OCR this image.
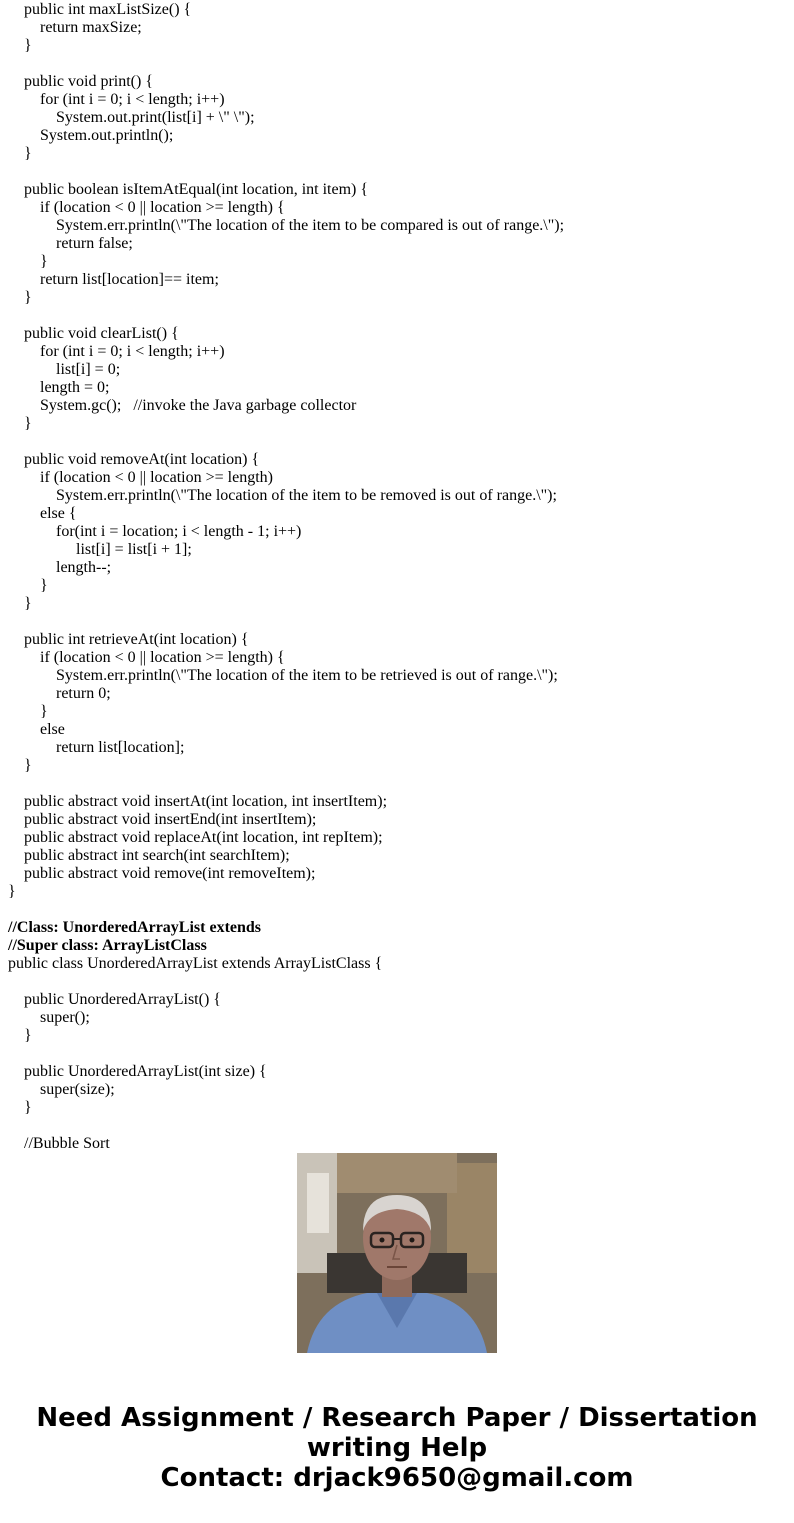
public int maxListSize() {
return maxSize;
}
public void print() {
for (int i = 0; i < length; i++)
System.out.print(list[i] + \" \");
System.out.println();
}
public boolean isItemAtEqual(int location, int item) {
if (location < 0 || location >= length) {
System.err.println(\"The location of the item to be compared is out of range.\");
return false;
}
return list[location]== item;
}
public void clearList() {
for (int i = 0; i < length; i++)
list[i] = 0;
length = 0;
System.gc();   //invoke the Java garbage collector
}
public void removeAt(int location) {
if (location < 0 || location >= length)
System.err.println(\"The location of the item to be removed is out of range.\");
else {
for(int i = location; i < length - 1; i++)
list[i] = list[i + 1];
length--;
}
}
public int retrieveAt(int location) {
if (location < 0 || location >= length) {
System.err.println(\"The location of the item to be retrieved is out of range.\");
return 0;
}
else
return list[location];
}
public abstract void insertAt(int location, int insertItem);
public abstract void insertEnd(int insertItem);
public abstract void replaceAt(int location, int repItem);
public abstract int search(int searchItem);
public abstract void remove(int removeItem);
}
//Class: UnorderedArrayList extends
//Super class: ArrayListClass
public class UnorderedArrayList extends ArrayListClass {
public UnorderedArrayList() {
super();
}
public UnorderedArrayList(int size) {
super(size);
}
//Bubble Sort
Need Assignment / Research Paper / Dissertation
writing Help
Contact: drjack9650@gmail.com
